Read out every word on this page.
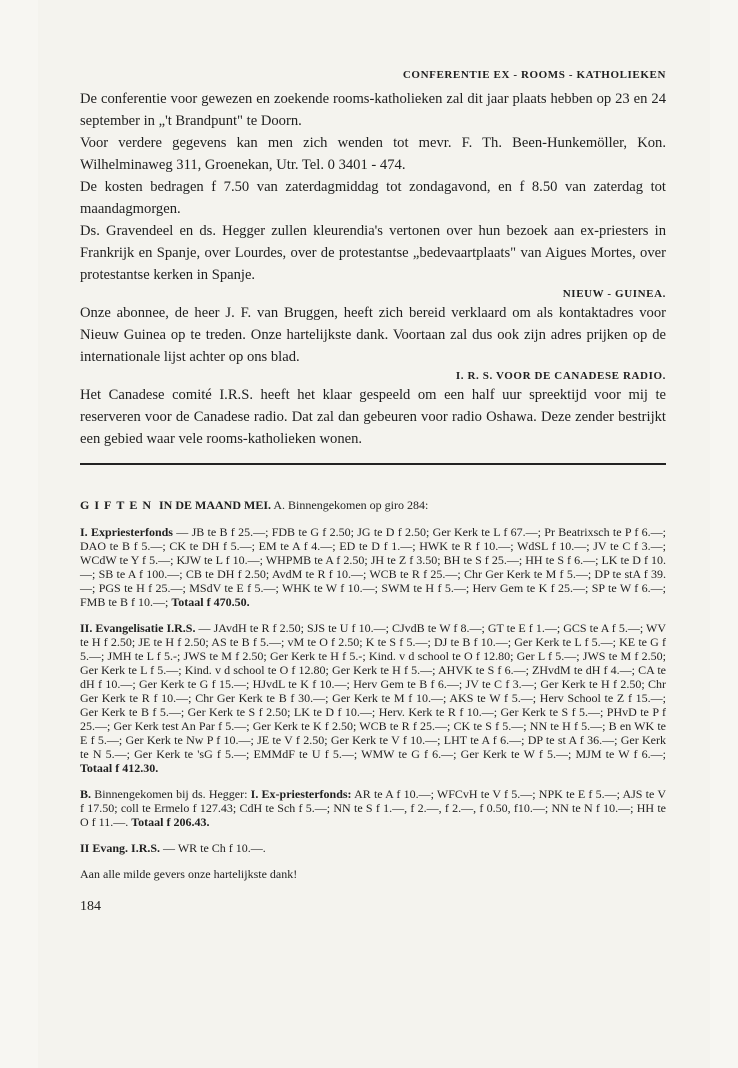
CONFERENTIE EX - ROOMS - KATHOLIEKEN

De conferentie voor gewezen en zoekende rooms-katholieken zal dit jaar plaats hebben op 23 en 24 september in „'t Brandpunt" te Doorn.

Voor verdere gegevens kan men zich wenden tot mevr. F. Th. Been-Hunkemöller, Kon. Wilhelminaweg 311, Groenekan, Utr. Tel. 0 3401 - 474.

De kosten bedragen f 7.50 van zaterdagmiddag tot zondagavond, en f 8.50 van zaterdag tot maandagmorgen.

Ds. Gravendeel en ds. Hegger zullen kleurendia's vertonen over hun bezoek aan ex-priesters in Frankrijk en Spanje, over Lourdes, over de protestantse „bedevaartplaats" van Aigues Mortes, over protestantse kerken in Spanje.

NIEUW - GUINEA.

Onze abonnee, de heer J. F. van Bruggen, heeft zich bereid verklaard om als kontaktadres voor Nieuw Guinea op te treden. Onze hartelijkste dank. Voortaan zal dus ook zijn adres prijken op de internationale lijst achter op ons blad.

I. R. S. VOOR DE CANADESE RADIO.

Het Canadese comité I.R.S. heeft het klaar gespeeld om een half uur spreektijd voor mij te reserveren voor de Canadese radio. Dat zal dan gebeuren voor radio Oshawa. Deze zender bestrijkt een gebied waar vele rooms-katholieken wonen.

GIFTEN IN DE MAAND MEI. A. Binnengekomen op giro 284:

I. Expriesterfonds — JB te B f 25.—; FDB te G f 2.50; JG te D f 2.50; Ger Kerk te L f 67.—; Pr Beatrixsch te P f 6.—; DAO te B f 5.—; CK te DH f 5.—; EM te A f 4.—; ED te D f 1.—; HWK te R f 10.—; WdSL f 10.—; JV te C f 3.—; WCdW te Y f 5.—; KJW te L f 10.—; WHPMB te A f 2.50; JH te Z f 3.50; BH te S f 25.—; HH te S f 6.—; LK te D f 10.—; SB te A f 100.—; CB te DH f 2.50; AvdM te R f 10.—; WCB te R f 25.—; Chr Ger Kerk te M f 5.—; DP te stA f 39.—; PGS te H f 25.—; MSdV te E f 5.—; WHK te W f 10.—; SWM te H f 5.—; Herv Gem te K f 25.—; SP te W f 6.—; FMB te B f 10.—; Totaal f 470.50.

II. Evangelisatie I.R.S. — JAvdH te R f 2.50; SJS te U f 10.—; CJvdB te W f 8.—; GT te E f 1.—; GCS te A f 5.—; WV te H f 2.50; JE te H f 2.50; AS te B f 5.—; vM te O f 2.50; K te S f 5.—; DJ te B f 10.—; Ger Kerk te L f 5.—; KE te G f 5.—; JMH te L f 5.-; JWS te M f 2.50; Ger Kerk te H f 5.-; Kind. v d school te O f 12.80; Ger L f 5.—; JWS te M f 2.50; Ger Kerk te L f 5.—; Kind. v d school te O f 12.80; Ger Kerk te H f 5.—; AHVK te S f 6.—; ZHvdM te dH f 4.—; CA te dH f 10.—; Ger Kerk te G f 15.—; HJvdL te K f 10.—; Herv Gem te B f 6.—; JV te C f 3.—; Ger Kerk te H f 2.50; Chr Ger Kerk te R f 10.—; Chr Ger Kerk te B f 30.—; Ger Kerk te M f 10.—; AKS te W f 5.—; Herv School te Z f 15.—; Ger Kerk te B f 5.—; Ger Kerk te S f 2.50; LK te D f 10.—; Herv. Kerk te R f 10.—; Ger Kerk te S f 5.—; PHvD te P f 25.—; Ger Kerk test An Par f 5.—; Ger Kerk te K f 2.50; WCB te R f 25.—; CK te S f 5.—; NN te H f 5.—; B en WK te E f 5.—; Ger Kerk te Nw P f 10.—; JE te V f 2.50; Ger Kerk te V f 10.—; LHT te A f 6.—; DP te st A f 36.—; Ger Kerk te N 5.—; Ger Kerk te 'sG f 5.—; EMMdF te U f 5.—; WMW te G f 6.—; Ger Kerk te W f 5.—; MJM te W f 6.—; Totaal f 412.30.

B. Binnengekomen bij ds. Hegger: I. Ex-priesterfonds: AR te A f 10.—; WFCvH te V f 5.—; NPK te E f 5.—; AJS te V f 17.50; coll te Ermelo f 127.43; CdH te Sch f 5.—; NN te S f 1.—, f 2.—, f 2.—, f 0.50, f10.—; NN te N f 10.—; HH te O f 11.—. Totaal f 206.43.

II Evang. I.R.S. — WR te Ch f 10.—.

Aan alle milde gevers onze hartelijkste dank!

184
